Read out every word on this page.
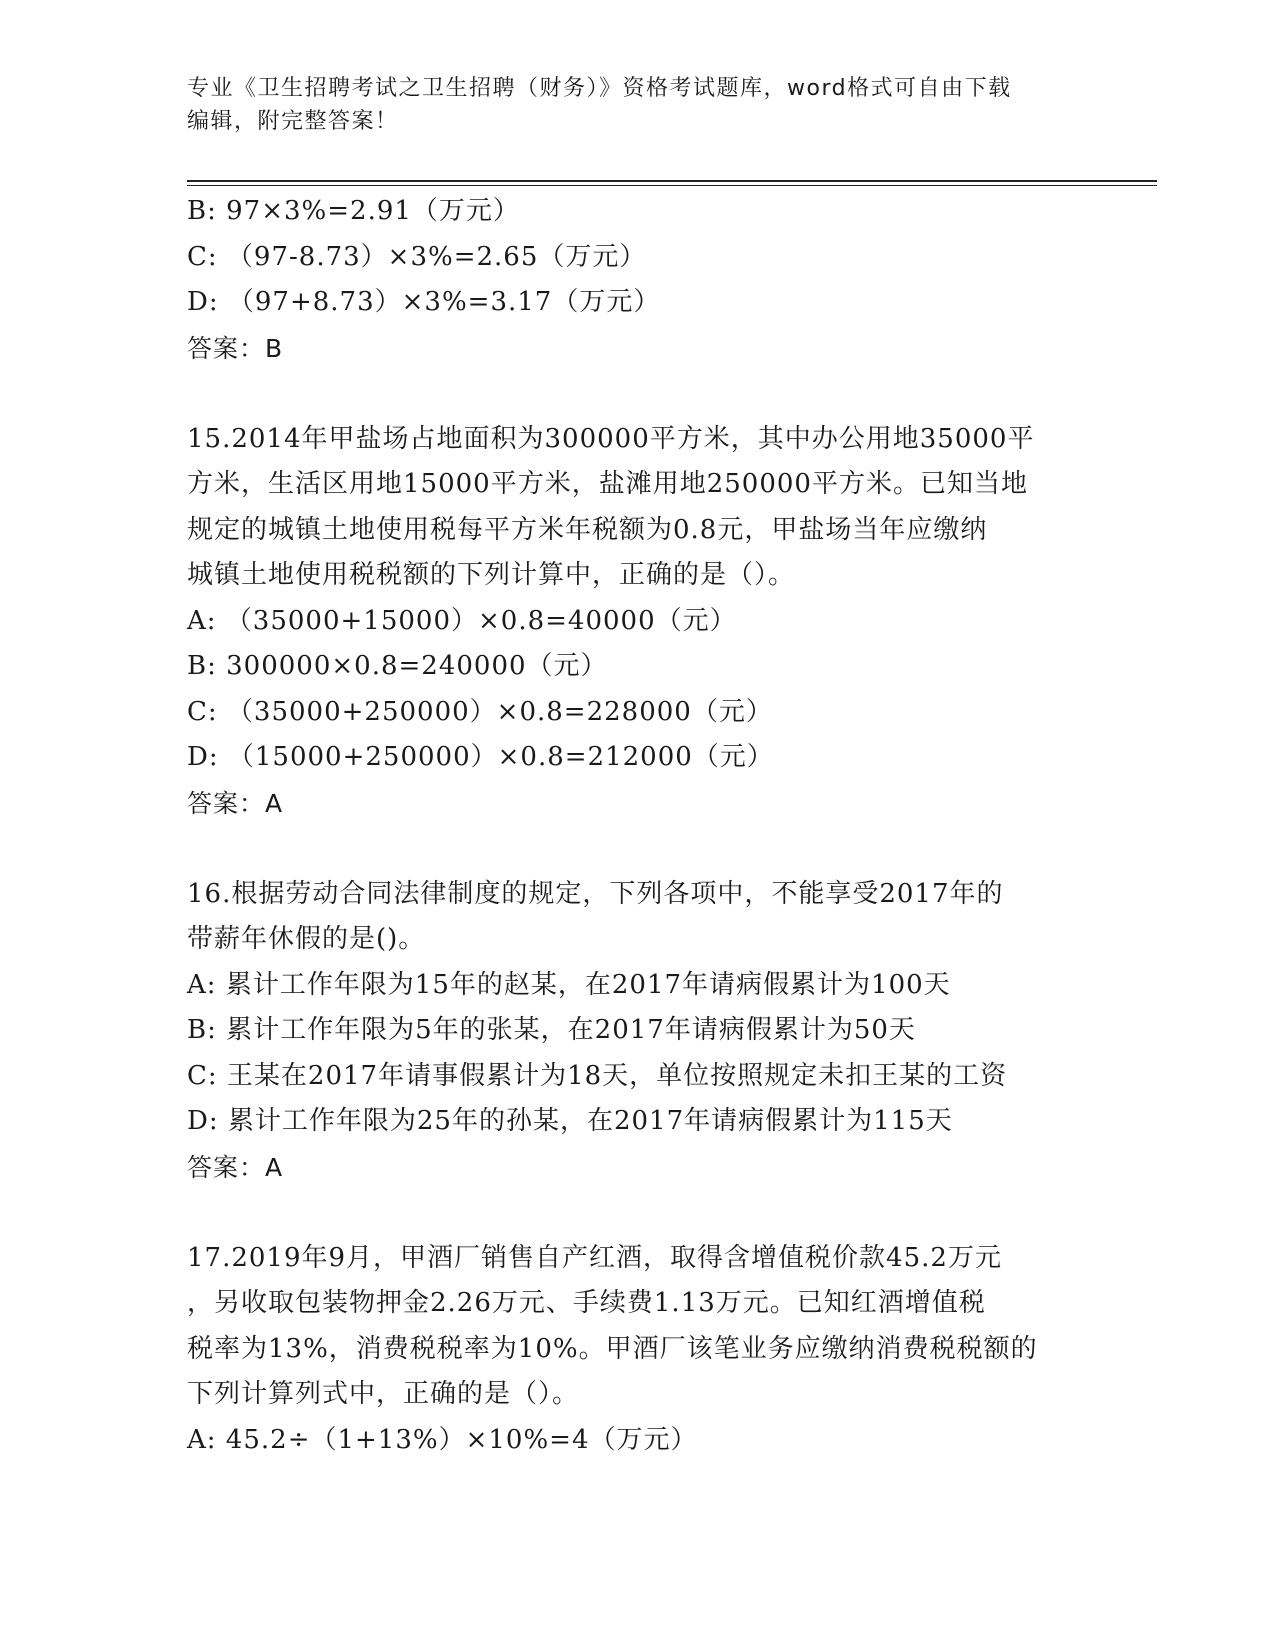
专业《卫生招聘考试之卫生招聘（财务）》资格考试题库，word格式可自由下载
编辑，附完整答案！
B: 97×3%=2.91（万元）
C: （97-8.73）×3%=2.65（万元）
D: （97+8.73）×3%=3.17（万元）
答案：B
15.2014年甲盐场占地面积为300000平方米，其中办公用地35000平
方米，生活区用地15000平方米，盐滩用地250000平方米。已知当地
规定的城镇土地使用税每平方米年税额为0.8元，甲盐场当年应缴纳
城镇土地使用税税额的下列计算中，正确的是（）。
A: （35000+15000）×0.8=40000（元）
B: 300000×0.8=240000（元）
C: （35000+250000）×0.8=228000（元）
D: （15000+250000）×0.8=212000（元）
答案：A
16.根据劳动合同法律制度的规定，下列各项中，不能享受2017年的
带薪年休假的是()。
A: 累计工作年限为15年的赵某，在2017年请病假累计为100天
B: 累计工作年限为5年的张某，在2017年请病假累计为50天
C: 王某在2017年请事假累计为18天，单位按照规定未扣王某的工资
D: 累计工作年限为25年的孙某，在2017年请病假累计为115天
答案：A
17.2019年9月，甲酒厂销售自产红酒，取得含增值税价款45.2万元
，另收取包装物押金2.26万元、手续费1.13万元。已知红酒增值税
税率为13%，消费税税率为10%。甲酒厂该笔业务应缴纳消费税税额的
下列计算列式中，正确的是（）。
A: 45.2÷（1+13%）×10%=4（万元）
